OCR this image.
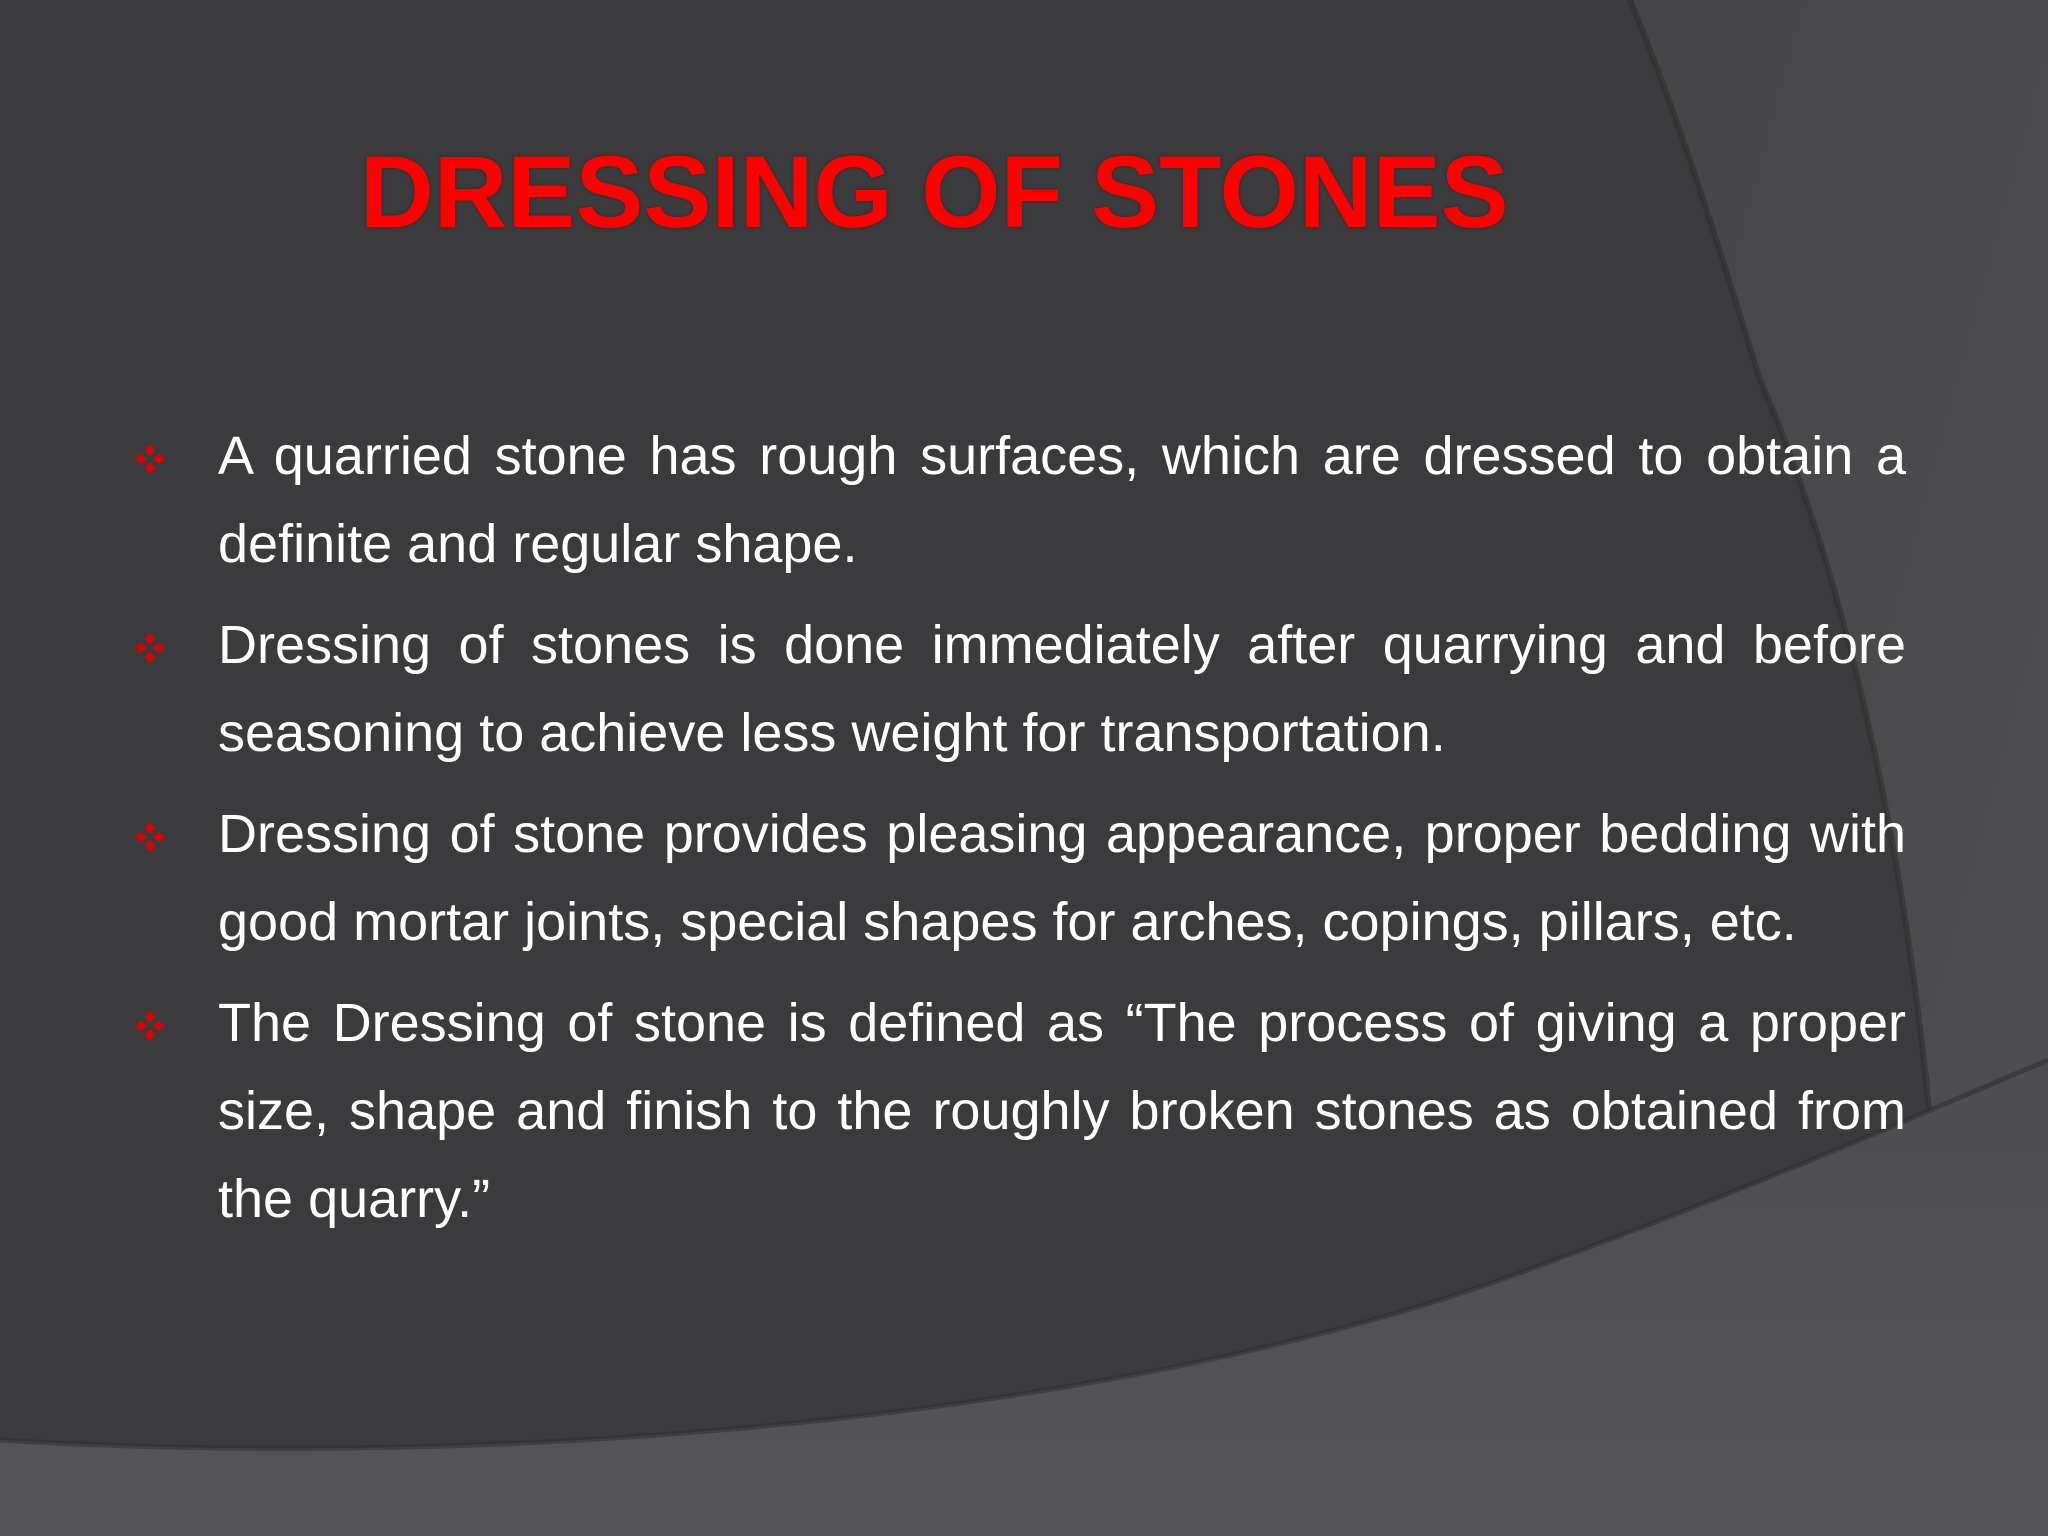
DRESSING OF STONES
A quarried stone has rough surfaces, which are dressed to obtain a definite and regular shape.
Dressing of stones is done immediately after quarrying and before seasoning to achieve less weight for transportation.
Dressing of stone provides pleasing appearance, proper bedding with good mortar joints, special shapes for arches, copings, pillars, etc.
The Dressing of stone is defined as “The process of giving a proper size, shape and finish to the roughly broken stones as obtained from the quarry.”
